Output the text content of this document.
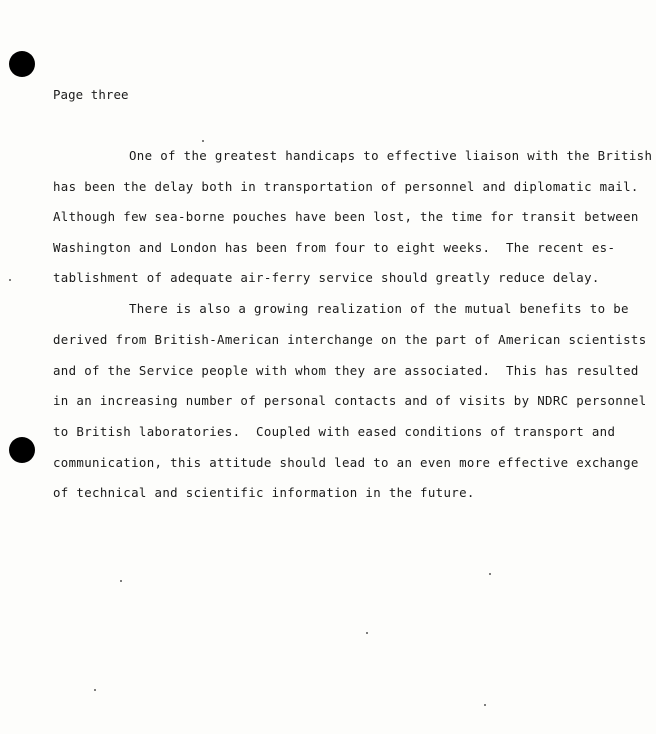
Page three
One of the greatest handicaps to effective liaison with the British
has been the delay both in transportation of personnel and diplomatic mail.
Although few sea-borne pouches have been lost, the time for transit between
Washington and London has been from four to eight weeks.  The recent es-
tablishment of adequate air-ferry service should greatly reduce delay.
There is also a growing realization of the mutual benefits to be
derived from British-American interchange on the part of American scientists
and of the Service people with whom they are associated.  This has resulted
in an increasing number of personal contacts and of visits by NDRC personnel
to British laboratories.  Coupled with eased conditions of transport and
communication, this attitude should lead to an even more effective exchange
of technical and scientific information in the future.
